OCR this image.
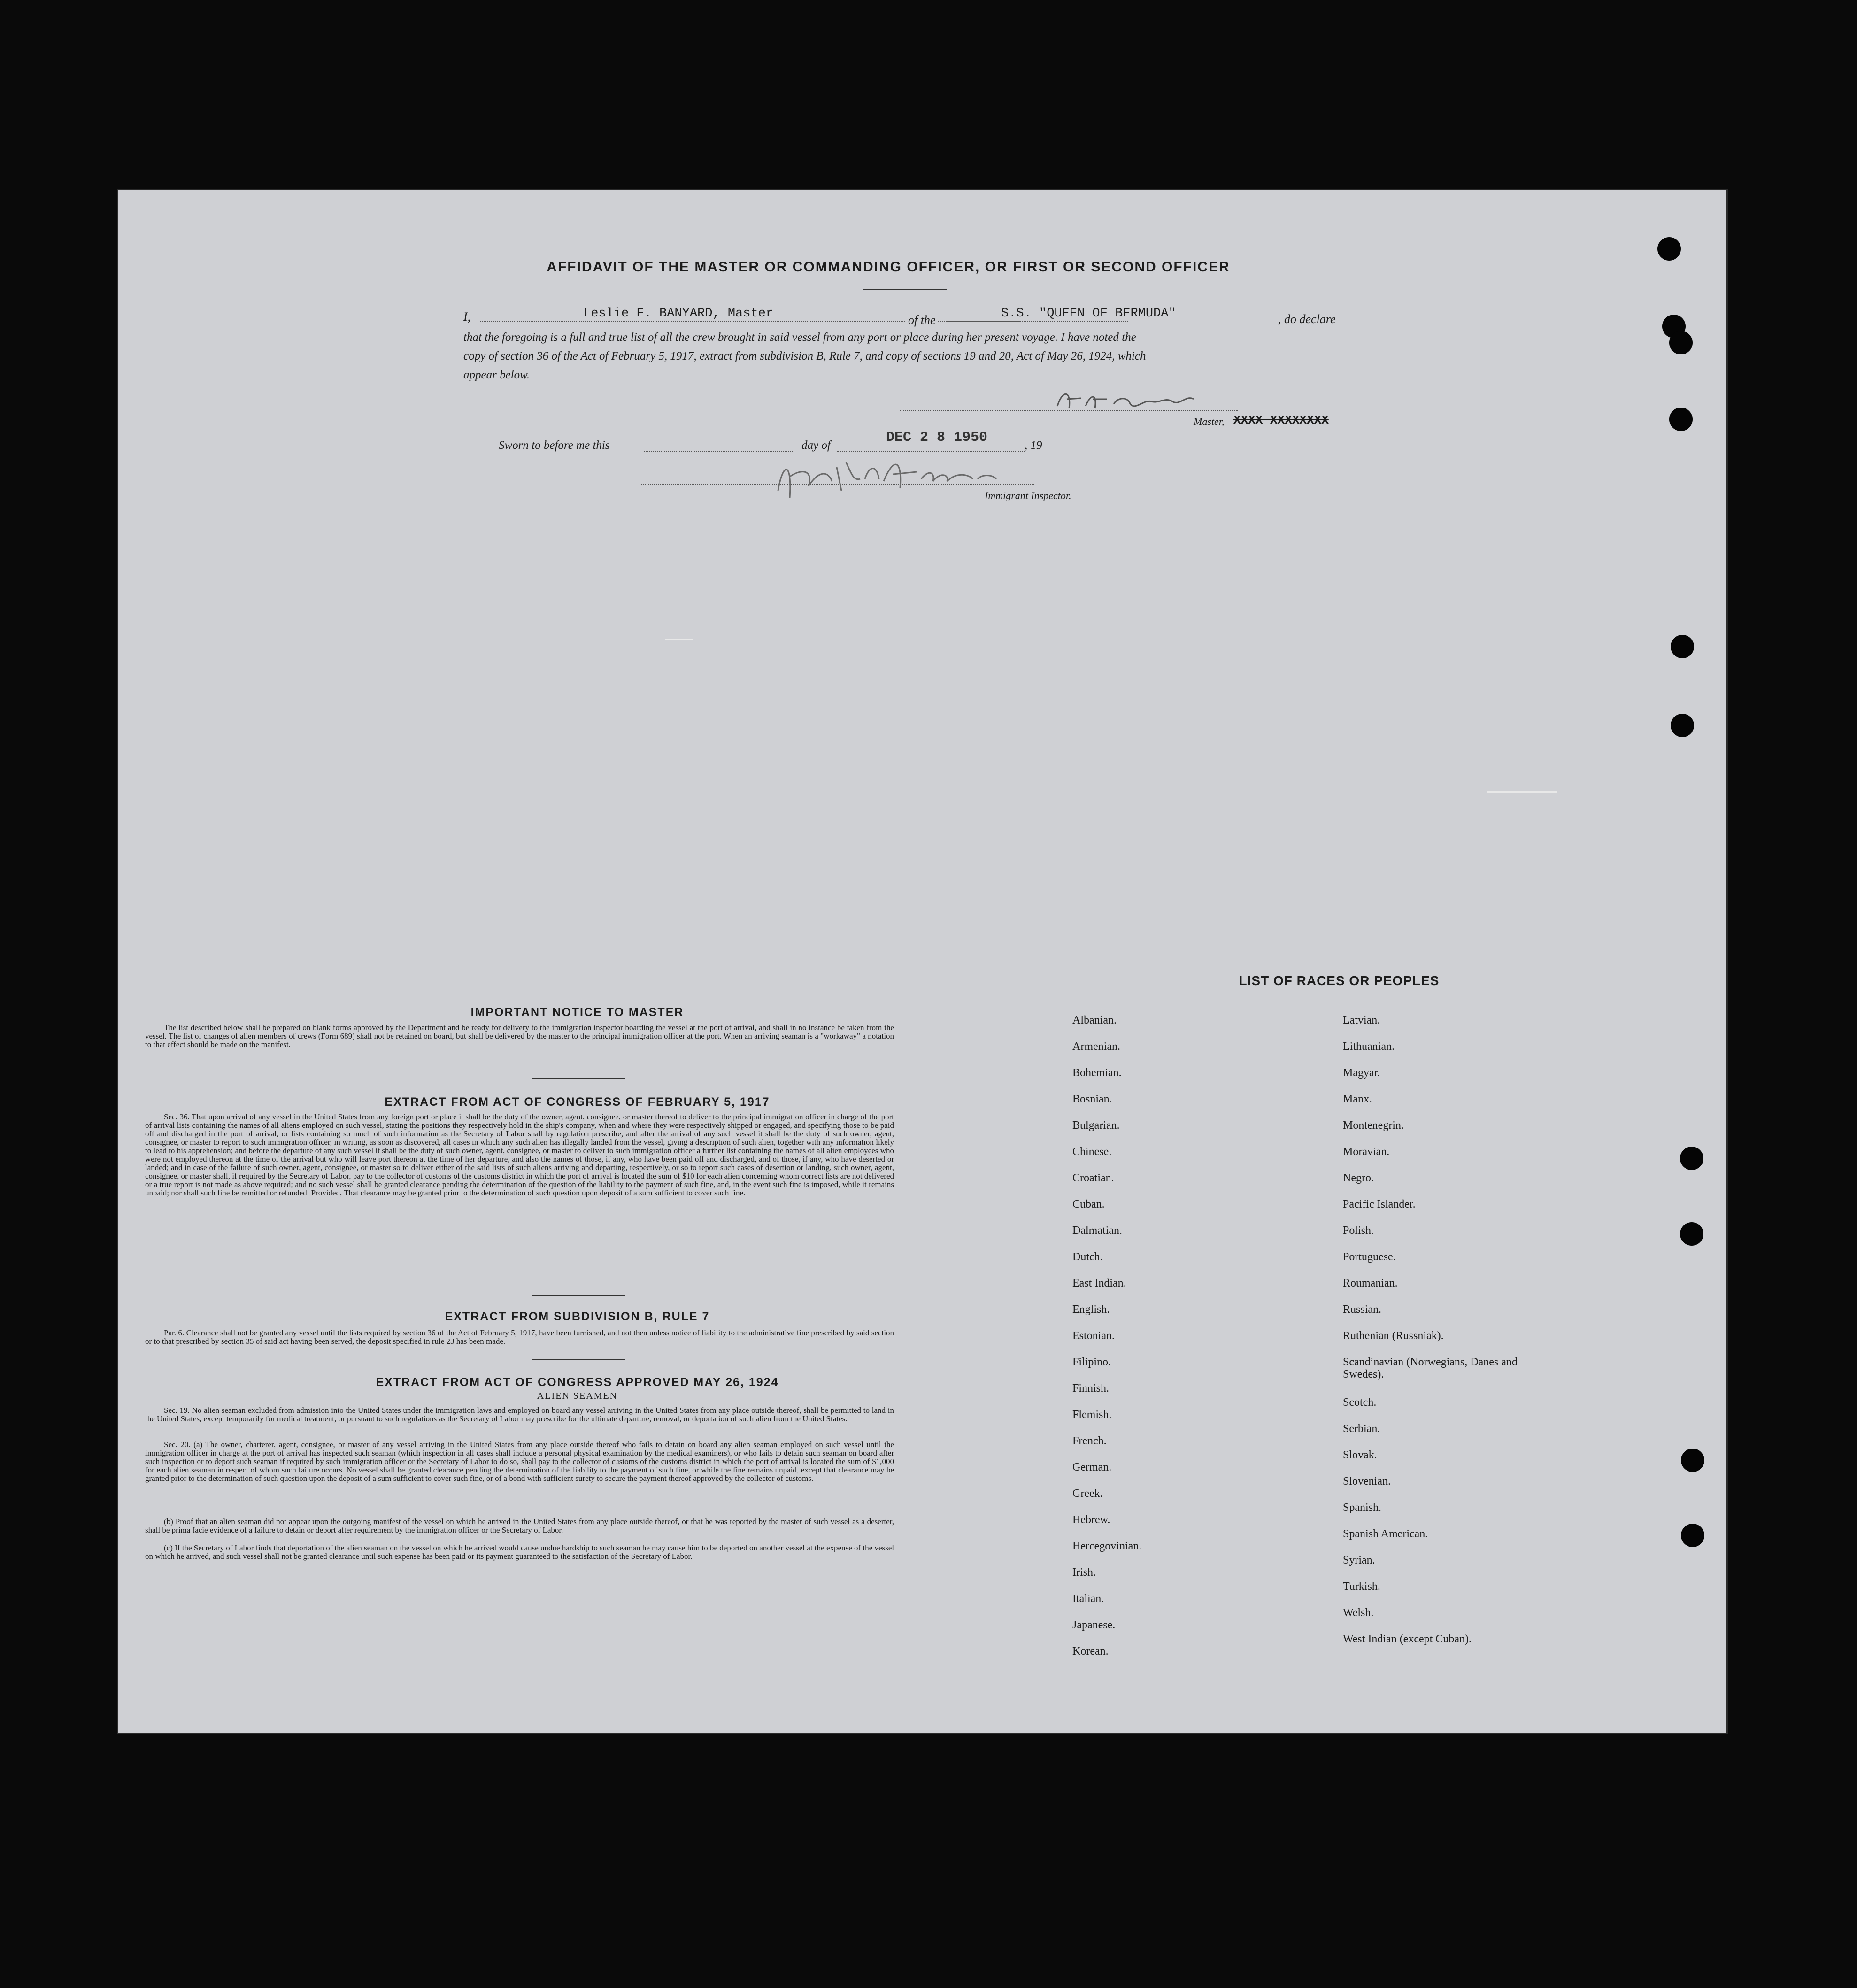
AFFIDAVIT OF THE MASTER OR COMMANDING OFFICER, OR FIRST OR SECOND OFFICER
I,	Leslie F. BANYARD, Master	of the	S.S. "QUEEN OF BERMUDA"	, do declare
that the foregoing is a full and true list of all the crew brought in said vessel from any port or place during her present voyage. I have noted the
copy of section 36 of the Act of February 5, 1917, extract from subdivision B, Rule 7, and copy of sections 19 and 20, Act of May 26, 1924, which
appear below.
Master, XXXX XXXXXXXX
Sworn to before me this	day of	DEC 2 8 1950	, 19
Immigrant Inspector.
IMPORTANT NOTICE TO MASTER
The list described below shall be prepared on blank forms approved by the Department and be ready for delivery to the immigration inspector boarding the vessel at the port of arrival, and shall in no instance be taken from the vessel. The list of changes of alien members of crews (Form 689) shall not be retained on board, but shall be delivered by the master to the principal immigration officer at the port. When an arriving seaman is a "workaway" a notation to that effect should be made on the manifest.
EXTRACT FROM ACT OF CONGRESS OF FEBRUARY 5, 1917
Sec. 36. That upon arrival of any vessel in the United States from any foreign port or place it shall be the duty of the owner, agent, consignee, or master thereof to deliver to the principal immigration officer in charge of the port of arrival lists containing the names of all aliens employed on such vessel, stating the positions they respectively hold in the ship's company, when and where they were respectively shipped or engaged, and specifying those to be paid off and discharged in the port of arrival; or lists containing so much of such information as the Secretary of Labor shall by regulation prescribe; and after the arrival of any such vessel it shall be the duty of such owner, agent, consignee, or master to report to such immigration officer, in writing, as soon as discovered, all cases in which any such alien has illegally landed from the vessel, giving a description of such alien, together with any information likely to lead to his apprehension; and before the departure of any such vessel it shall be the duty of such owner, agent, consignee, or master to deliver to such immigration officer a further list containing the names of all alien employees who were not employed thereon at the time of the arrival but who will leave port thereon at the time of her departure, and also the names of those, if any, who have been paid off and discharged, and of those, if any, who have deserted or landed; and in case of the failure of such owner, agent, consignee, or master so to deliver either of the said lists of such aliens arriving and departing, respectively, or so to report such cases of desertion or landing, such owner, agent, consignee, or master shall, if required by the Secretary of Labor, pay to the collector of customs of the customs district in which the port of arrival is located the sum of $10 for each alien concerning whom correct lists are not delivered or a true report is not made as above required; and no such vessel shall be granted clearance pending the determination of the question of the liability to the payment of such fine, and, in the event such fine is imposed, while it remains unpaid; nor shall such fine be remitted or refunded: Provided, That clearance may be granted prior to the determination of such question upon deposit of a sum sufficient to cover such fine.
EXTRACT FROM SUBDIVISION B, RULE 7
Par. 6. Clearance shall not be granted any vessel until the lists required by section 36 of the Act of February 5, 1917, have been furnished, and not then unless notice of liability to the administrative fine prescribed by said section or to that prescribed by section 35 of said act having been served, the deposit specified in rule 23 has been made.
EXTRACT FROM ACT OF CONGRESS APPROVED MAY 26, 1924
ALIEN SEAMEN
Sec. 19. No alien seaman excluded from admission into the United States under the immigration laws and employed on board any vessel arriving in the United States from any place outside thereof, shall be permitted to land in the United States, except temporarily for medical treatment, or pursuant to such regulations as the Secretary of Labor may prescribe for the ultimate departure, removal, or deportation of such alien from the United States.
Sec. 20. (a) The owner, charterer, agent, consignee, or master of any vessel arriving in the United States from any place outside thereof who fails to detain on board any alien seaman employed on such vessel until the immigration officer in charge at the port of arrival has inspected such seaman (which inspection in all cases shall include a personal physical examination by the medical examiners), or who fails to detain such seaman on board after such inspection or to deport such seaman if required by such immigration officer or the Secretary of Labor to do so, shall pay to the collector of customs of the customs district in which the port of arrival is located the sum of $1,000 for each alien seaman in respect of whom such failure occurs. No vessel shall be granted clearance pending the determination of the liability to the payment of such fine, or while the fine remains unpaid, except that clearance may be granted prior to the determination of such question upon the deposit of a sum sufficient to cover such fine, or of a bond with sufficient surety to secure the payment thereof approved by the collector of customs.
(b) Proof that an alien seaman did not appear upon the outgoing manifest of the vessel on which he arrived in the United States from any place outside thereof, or that he was reported by the master of such vessel as a deserter, shall be prima facie evidence of a failure to detain or deport after requirement by the immigration officer or the Secretary of Labor.
(c) If the Secretary of Labor finds that deportation of the alien seaman on the vessel on which he arrived would cause undue hardship to such seaman he may cause him to be deported on another vessel at the expense of the vessel on which he arrived, and such vessel shall not be granted clearance until such expense has been paid or its payment guaranteed to the satisfaction of the Secretary of Labor.
LIST OF RACES OR PEOPLES
Albanian.
Armenian.
Bohemian.
Bosnian.
Bulgarian.
Chinese.
Croatian.
Cuban.
Dalmatian.
Dutch.
East Indian.
English.
Estonian.
Filipino.
Finnish.
Flemish.
French.
German.
Greek.
Hebrew.
Hercegovinian.
Irish.
Italian.
Japanese.
Korean.
Latvian.
Lithuanian.
Magyar.
Manx.
Montenegrin.
Moravian.
Negro.
Pacific Islander.
Polish.
Portuguese.
Roumanian.
Russian.
Ruthenian (Russniak).
Scandinavian (Norwegians, Danes and Swedes).
Scotch.
Serbian.
Slovak.
Slovenian.
Spanish.
Spanish American.
Syrian.
Turkish.
Welsh.
West Indian (except Cuban).
